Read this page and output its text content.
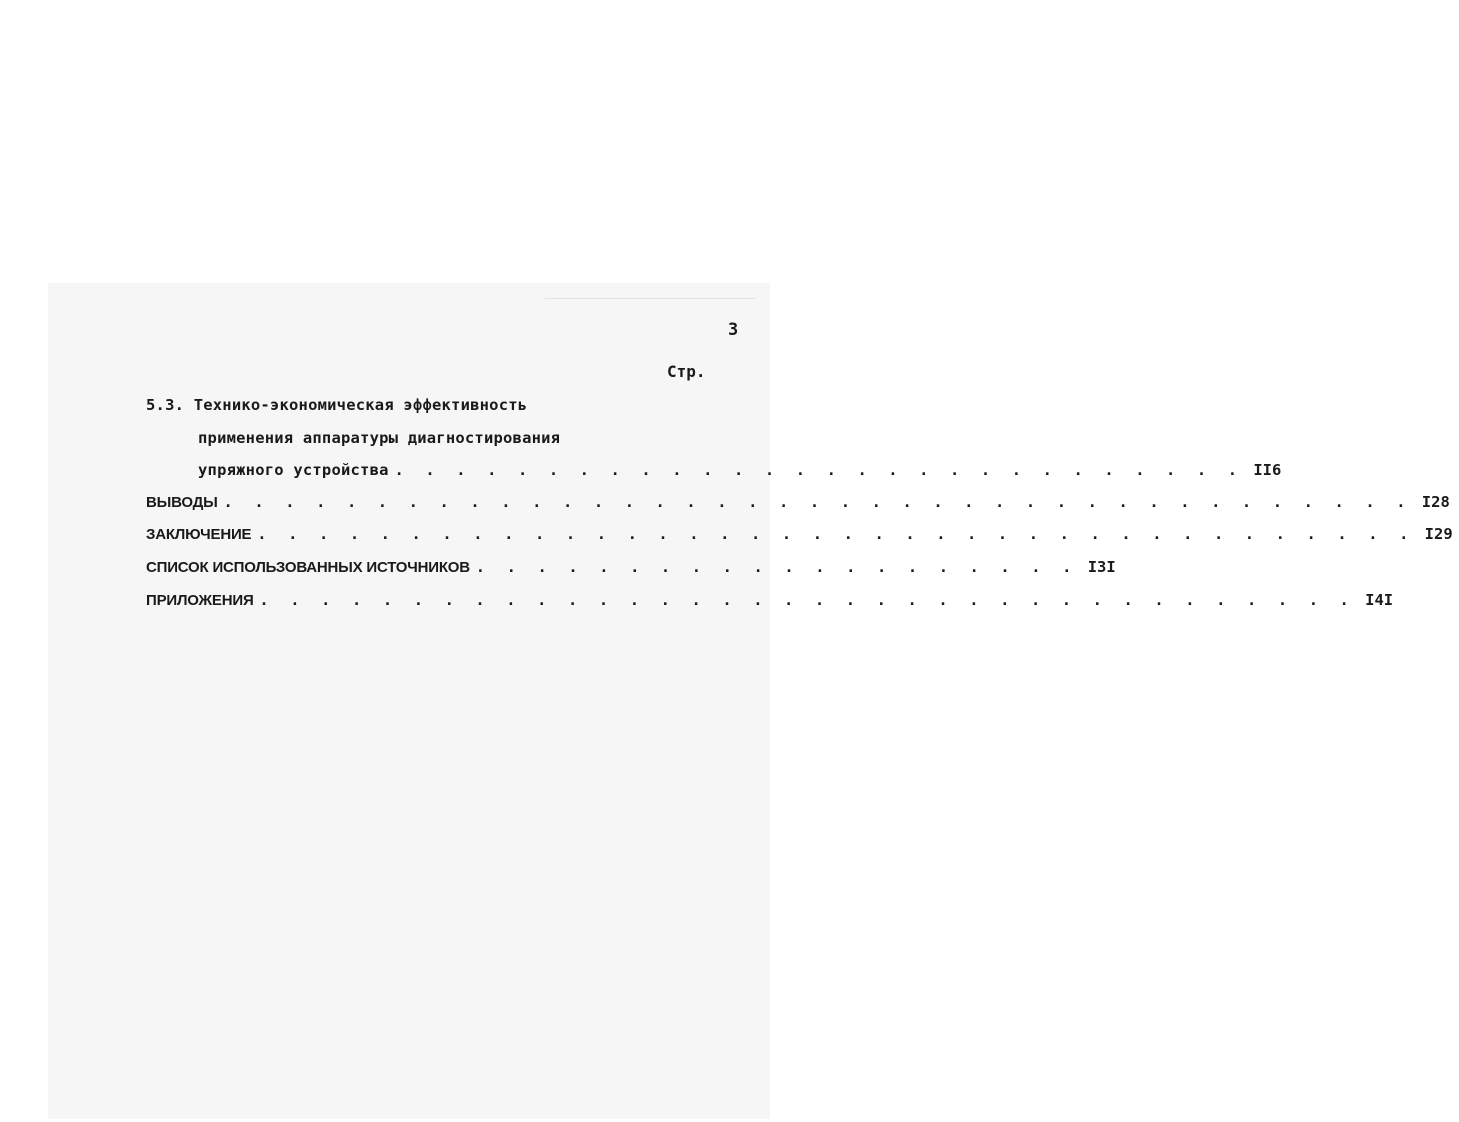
3
Стр.
5.3. Технико-экономическая эффективность
применения аппаратуры диагностирования
упряжного устройства . . . . . . . . . . . . . . . . . . . . . . . . . . . . II6
ВЫВОДЫ . . . . . . . . . . . . . . . . . . . . . . . . . . . . . . . . . . . . . . . I28
ЗАКЛЮЧЕНИЕ . . . . . . . . . . . . . . . . . . . . . . . . . . . . . . . . . . . . . . I29
СПИСОК ИСПОЛЬЗОВАННЫХ ИСТОЧНИКОВ . . . . . . . . . . . . . . . . . . . . I3I
ПРИЛОЖЕНИЯ . . . . . . . . . . . . . . . . . . . . . . . . . . . . . . . . . . . . I4I
